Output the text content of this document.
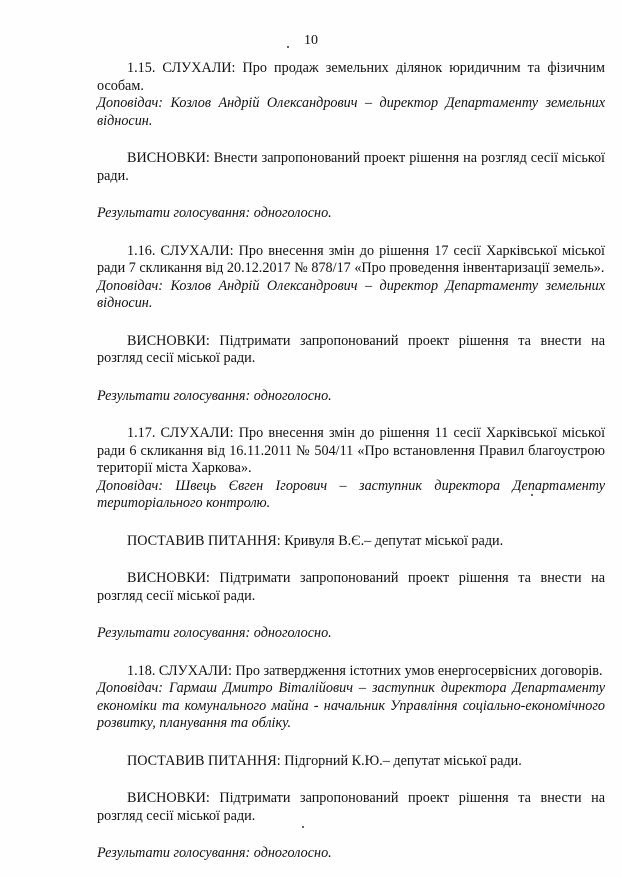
10

1.15. СЛУХАЛИ: Про продаж земельних ділянок юридичним та фізичним особам.

Доповідач: Козлов Андрій Олександрович – директор Департаменту земельних відносин.

ВИСНОВКИ: Внести запропонований проект рішення на розгляд сесії міської ради.

Результати голосування: одноголосно.

1.16. СЛУХАЛИ: Про внесення змін до рішення 17 сесії Харківської міської ради 7 скликання від 20.12.2017 № 878/17 «Про проведення інвентаризації земель».

Доповідач: Козлов Андрій Олександрович – директор Департаменту земельних відносин.

ВИСНОВКИ: Підтримати запропонований проект рішення та внести на розгляд сесії міської ради.

Результати голосування: одноголосно.

1.17. СЛУХАЛИ: Про внесення змін до рішення 11 сесії Харківської міської ради 6 скликання від 16.11.2011 № 504/11 «Про встановлення Правил благоустрою території міста Харкова».

Доповідач: Швець Євген Ігорович – заступник директора Департаменту територіального контролю.

ПОСТАВИВ ПИТАННЯ: Кривуля В.Є.– депутат міської ради.

ВИСНОВКИ: Підтримати запропонований проект рішення та внести на розгляд сесії міської ради.

Результати голосування: одноголосно.

1.18. СЛУХАЛИ: Про затвердження істотних умов енергосервісних договорів.

Доповідач: Гармаш Дмитро Віталійович – заступник директора Департаменту економіки та комунального майна - начальник Управління соціально-економічного розвитку, планування та обліку.

ПОСТАВИВ ПИТАННЯ: Підгорний К.Ю.– депутат міської ради.

ВИСНОВКИ: Підтримати запропонований проект рішення та внести на розгляд сесії міської ради.

Результати голосування: одноголосно.
